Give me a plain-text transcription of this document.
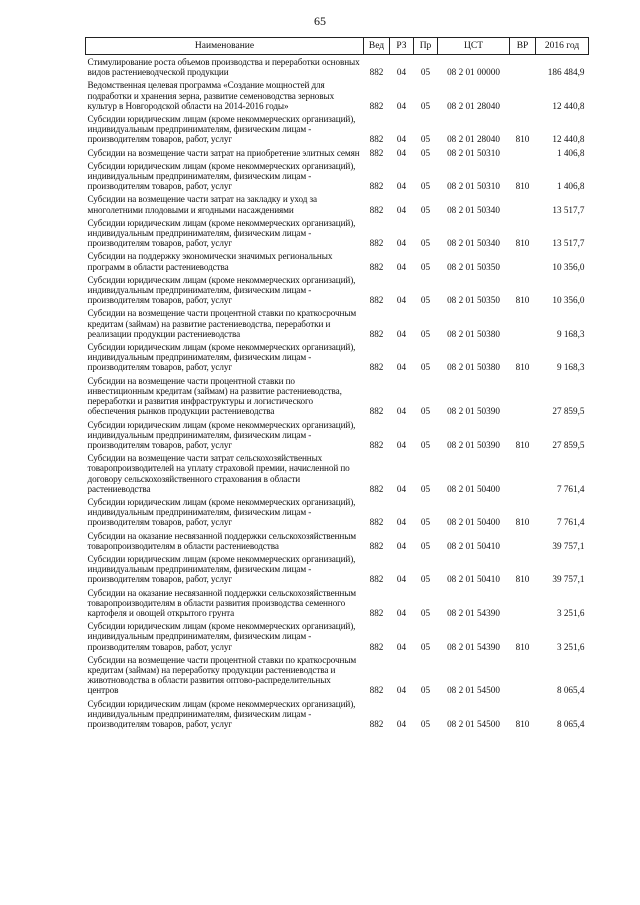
65
Наименование	Вед	РЗ	Пр	ЦСТ	ВР	2016 год
Стимулирование роста объемов производства и переработки основных видов растениеводческой продукции	882	04	05	08 2 01 00000		186 484,9
Ведомственная целевая программа «Создание мощностей для подработки и хранения зерна, развитие семеноводства зерновых культур в Новгородской области на 2014-2016 годы»	882	04	05	08 2 01 28040		12 440,8
Субсидии юридическим лицам (кроме некоммерческих организаций), индивидуальным предпринимателям, физическим лицам - производителям товаров, работ, услуг	882	04	05	08 2 01 28040	810	12 440,8
Субсидии на возмещение части затрат на приобретение элитных семян	882	04	05	08 2 01 50310		1 406,8
Субсидии юридическим лицам (кроме некоммерческих организаций), индивидуальным предпринимателям, физическим лицам - производителям товаров, работ, услуг	882	04	05	08 2 01 50310	810	1 406,8
Субсидии на возмещение части затрат на закладку и уход за многолетними плодовыми и ягодными насаждениями	882	04	05	08 2 01 50340		13 517,7
Субсидии юридическим лицам (кроме некоммерческих организаций), индивидуальным предпринимателям, физическим лицам - производителям товаров, работ, услуг	882	04	05	08 2 01 50340	810	13 517,7
Субсидии на поддержку экономически значимых региональных программ в области растениеводства	882	04	05	08 2 01 50350		10 356,0
Субсидии юридическим лицам (кроме некоммерческих организаций), индивидуальным предпринимателям, физическим лицам - производителям товаров, работ, услуг	882	04	05	08 2 01 50350	810	10 356,0
Субсидии на возмещение части процентной ставки по краткосрочным кредитам (займам) на развитие растениеводства, переработки и реализации продукции растениеводства	882	04	05	08 2 01 50380		9 168,3
Субсидии юридическим лицам (кроме некоммерческих организаций), индивидуальным предпринимателям, физическим лицам - производителям товаров, работ, услуг	882	04	05	08 2 01 50380	810	9 168,3
Субсидии на возмещение части процентной ставки по инвестиционным кредитам (займам) на развитие растениеводства, переработки и развития инфраструктуры и логистического обеспечения рынков продукции растениеводства	882	04	05	08 2 01 50390		27 859,5
Субсидии юридическим лицам (кроме некоммерческих организаций), индивидуальным предпринимателям, физическим лицам - производителям товаров, работ, услуг	882	04	05	08 2 01 50390	810	27 859,5
Субсидии на возмещение части затрат сельскохозяйственных товаропроизводителей на уплату страховой премии, начисленной по договору сельскохозяйственного страхования в области растениеводства	882	04	05	08 2 01 50400		7 761,4
Субсидии юридическим лицам (кроме некоммерческих организаций), индивидуальным предпринимателям, физическим лицам - производителям товаров, работ, услуг	882	04	05	08 2 01 50400	810	7 761,4
Субсидии на оказание несвязанной поддержки сельскохозяйственным товаропроизводителям в области растениеводства	882	04	05	08 2 01 50410		39 757,1
Субсидии юридическим лицам (кроме некоммерческих организаций), индивидуальным предпринимателям, физическим лицам - производителям товаров, работ, услуг	882	04	05	08 2 01 50410	810	39 757,1
Субсидии на оказание несвязанной поддержки сельскохозяйственным товаропроизводителям в области развития производства семенного картофеля и овощей открытого грунта	882	04	05	08 2 01 54390		3 251,6
Субсидии юридическим лицам (кроме некоммерческих организаций), индивидуальным предпринимателям, физическим лицам - производителям товаров, работ, услуг	882	04	05	08 2 01 54390	810	3 251,6
Субсидии на возмещение части процентной ставки по краткосрочным кредитам (займам) на переработку продукции растениеводства и животноводства в области развития оптово-распределительных центров	882	04	05	08 2 01 54500		8 065,4
Субсидии юридическим лицам (кроме некоммерческих организаций), индивидуальным предпринимателям, физическим лицам - производителям товаров, работ, услуг	882	04	05	08 2 01 54500	810	8 065,4
